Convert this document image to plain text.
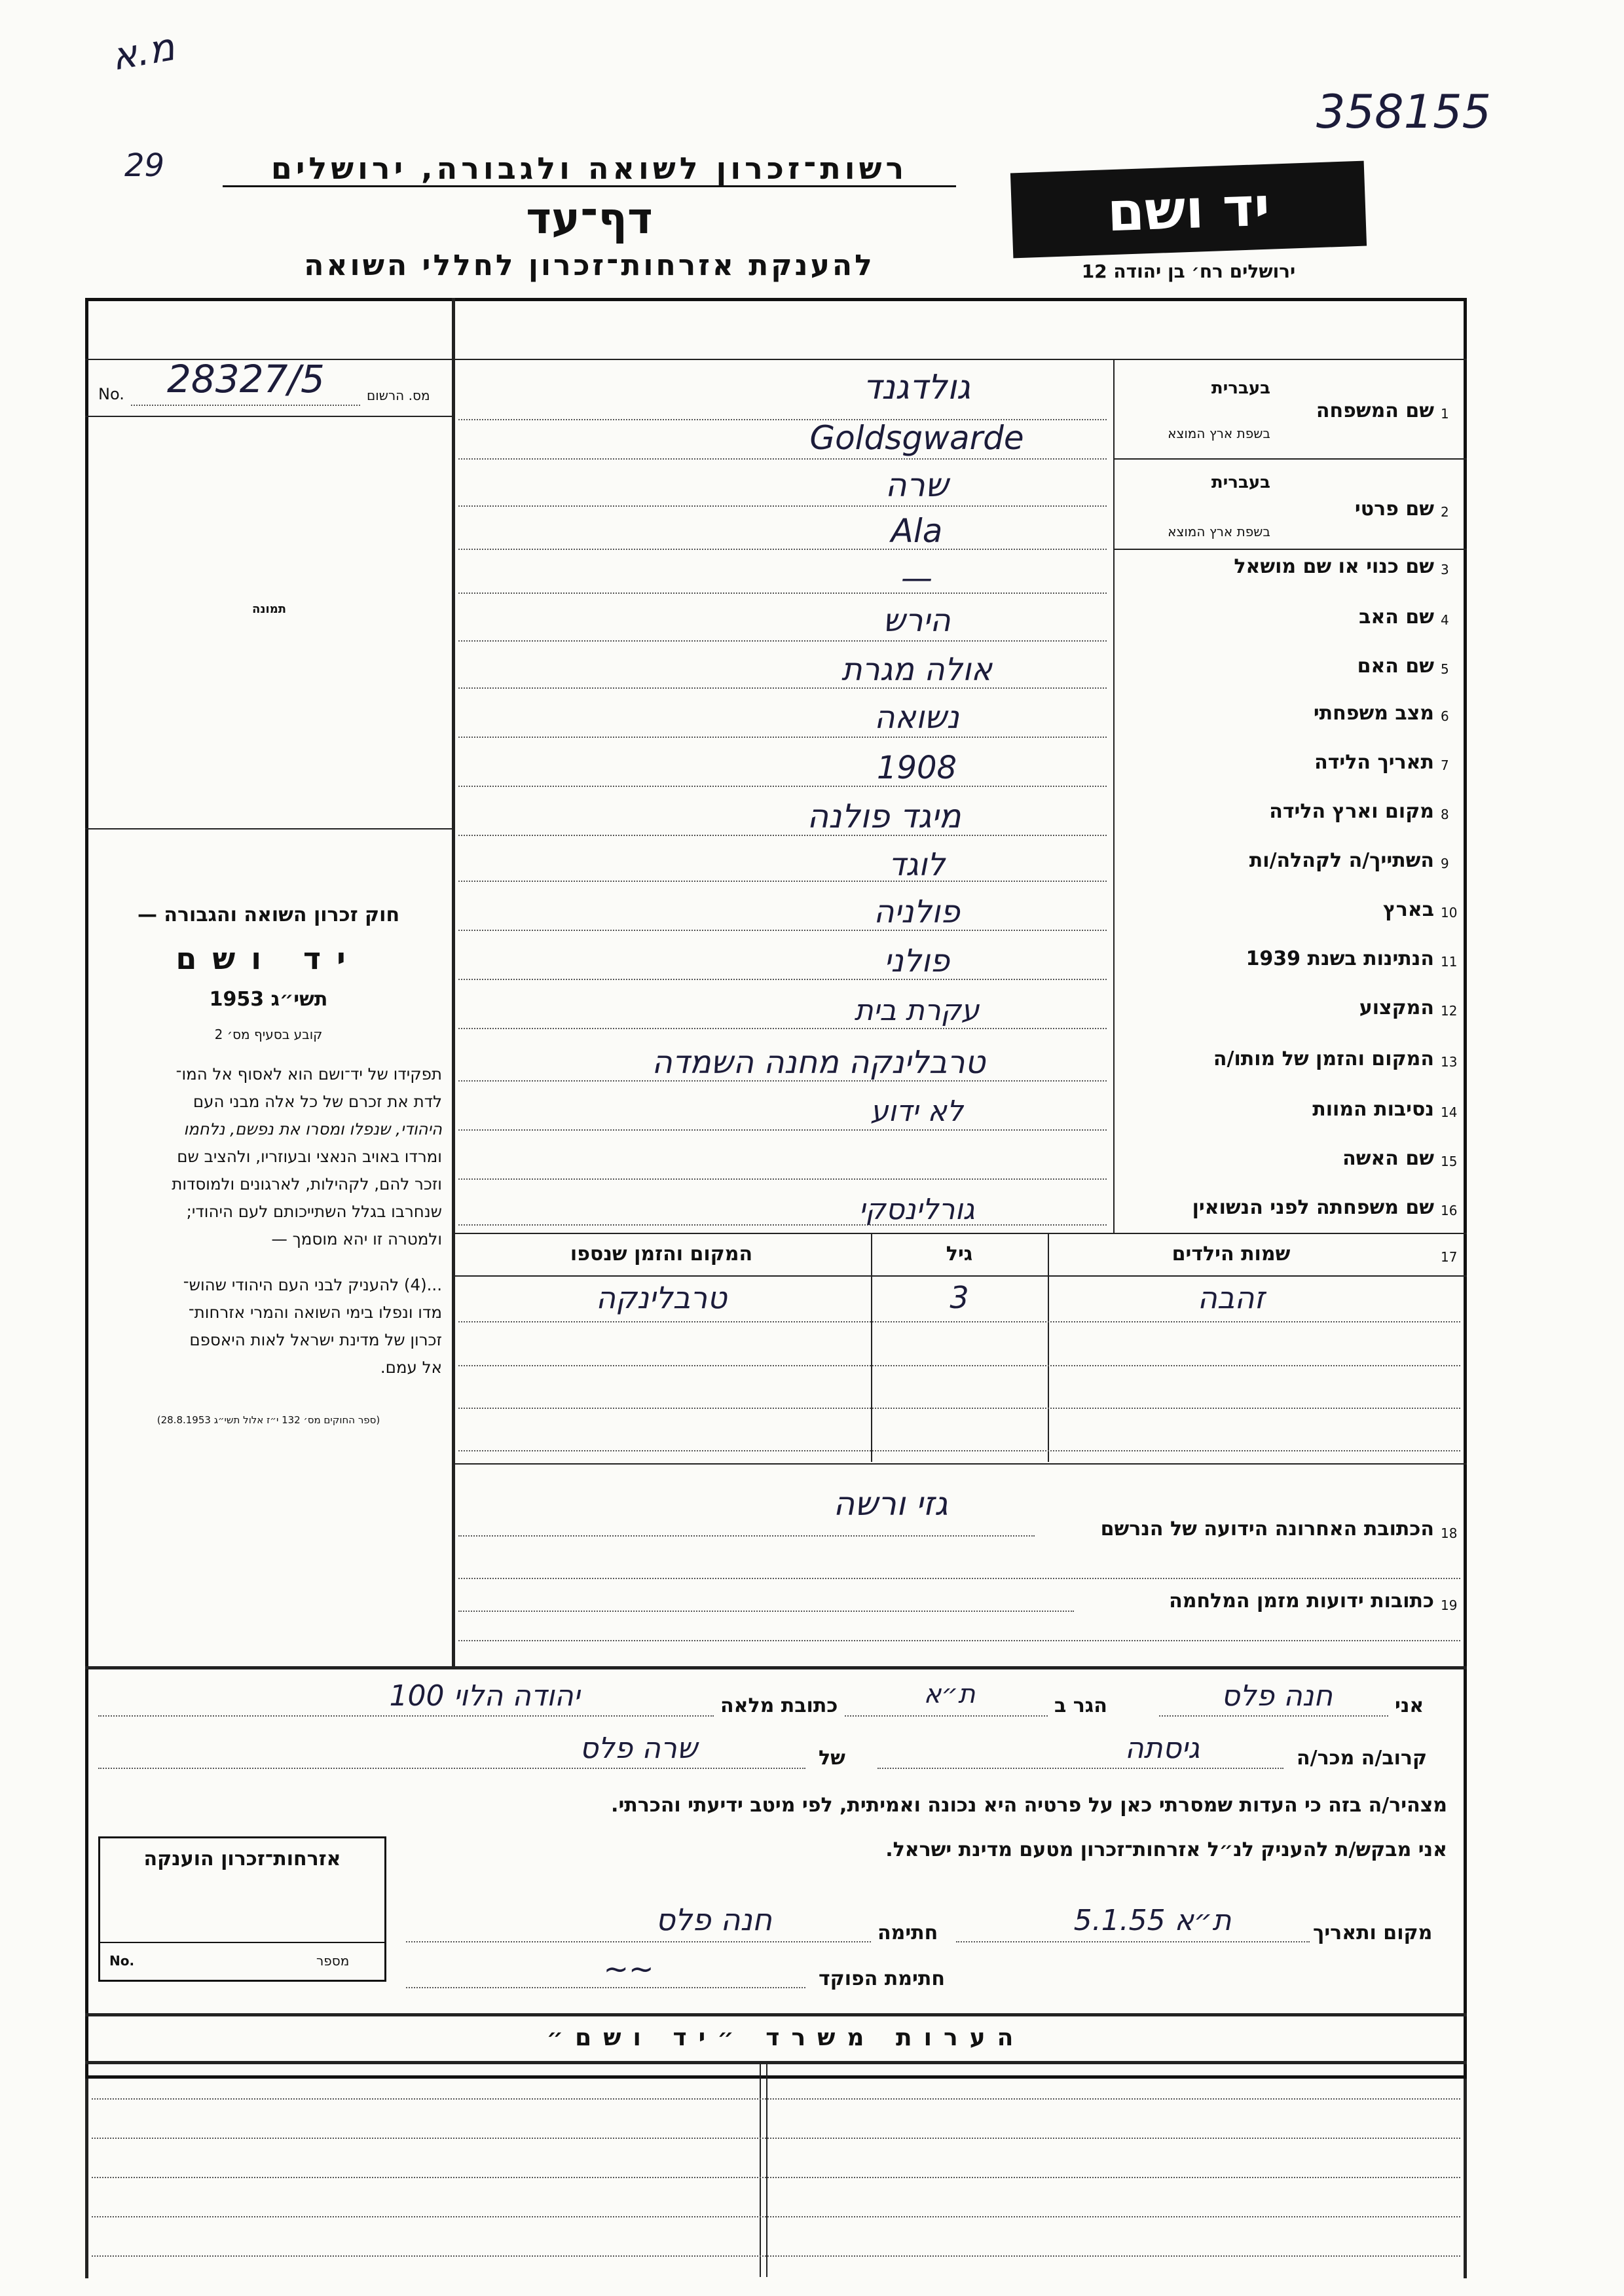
מ.א
29
358155
רשות־זכרון לשואה ולגבורה, ירושלים
דף־עד
להענקת אזרחות־זכרון לחללי השואה
יד ושם
ירושלים רח׳ בן יהודה 12
No. 28327/5	מס. הרשום
תמונה
חוק זכרון השואה והגבורה —
יד ושם
תשי״ג 1953
קובע בסעיף מס׳ 2
תפקידו של יד־ושם הוא לאסוף אל המו־
לדת את זכרם של כל אלה מבני העם
היהודי, שנפלו ומסרו את נפשם, נלחמו
ומרדו באויב הנאצי ובעוזריו, ולהציב שם
וזכר להם, לקהילות, לארגונים ולמוסדות
שנחרבו בגלל השתייכותם לעם היהודי;
ולמטרה זו יהא מוסמך —
...(4) להעניק לבני העם היהודי שהוש־
מדו ונפלו בימי השואה והמרי אזרחות־
זכרון של מדינת ישראל לאות היאספם
אל עמם.
(ספר החוקים מס׳ 132 י״ז אלול תשי״ג 28.8.1953)
1
שם המשפחה
בעברית
בשפת ארץ המוצא
גולדגנד
Goldsgwarde
2
שם פרטי
בעברית
בשפת ארץ המוצא
שרה
Ala
3
שם כנוי או שם מושאל
—
4
שם האב
הירש
5
שם האם
אולה מגרת
6
מצב משפחתי
נשואה
7
תאריך הלידה
1908
8
מקום וארץ הלידה
מיגד פולנה
9
השתייך/ה לקהלה/ות
לוגד
10
בארץ
פולניה
11
הנתינות בשנת 1939
פולני
12
המקצוע
עקרת בית
13
המקום והזמן של מותו/ה
טרבלינקה מחנה השמדה
14
נסיבות המוות
לא ידוע
15
שם האשה
16
שם משפחתה לפני הנשואין
גורלינסקי
17
שמות הילדים
גיל
המקום והזמן שנספו
זהבה
3
טרבלינקה
18
הכתובת האחרונה הידועה של הנרשם
גזי ורשה
19
כתובות ידועות מזמן המלחמה
אני
חנה פלס
הגר ב
ת״א
כתובת מלאה
יהודה הלוי 100
קרוב/ה מכר/ה
גיסתה
של
שרה פלס
מצהיר/ה בזה כי העדות שמסרתי כאן על פרטיה היא נכונה ואמיתית, לפי מיטב ידיעתי והכרתי.
אני מבקש/ת להעניק לנ״ל אזרחות־זכרון מטעם מדינת ישראל.
מקום ותאריך
ת״א 5.1.55
חתימה
חנה פלס
חתימת הפוקד
~~
אזרחות־זכרון הוענקה
מספר
No.
הערות משרד ״יד ושם״
